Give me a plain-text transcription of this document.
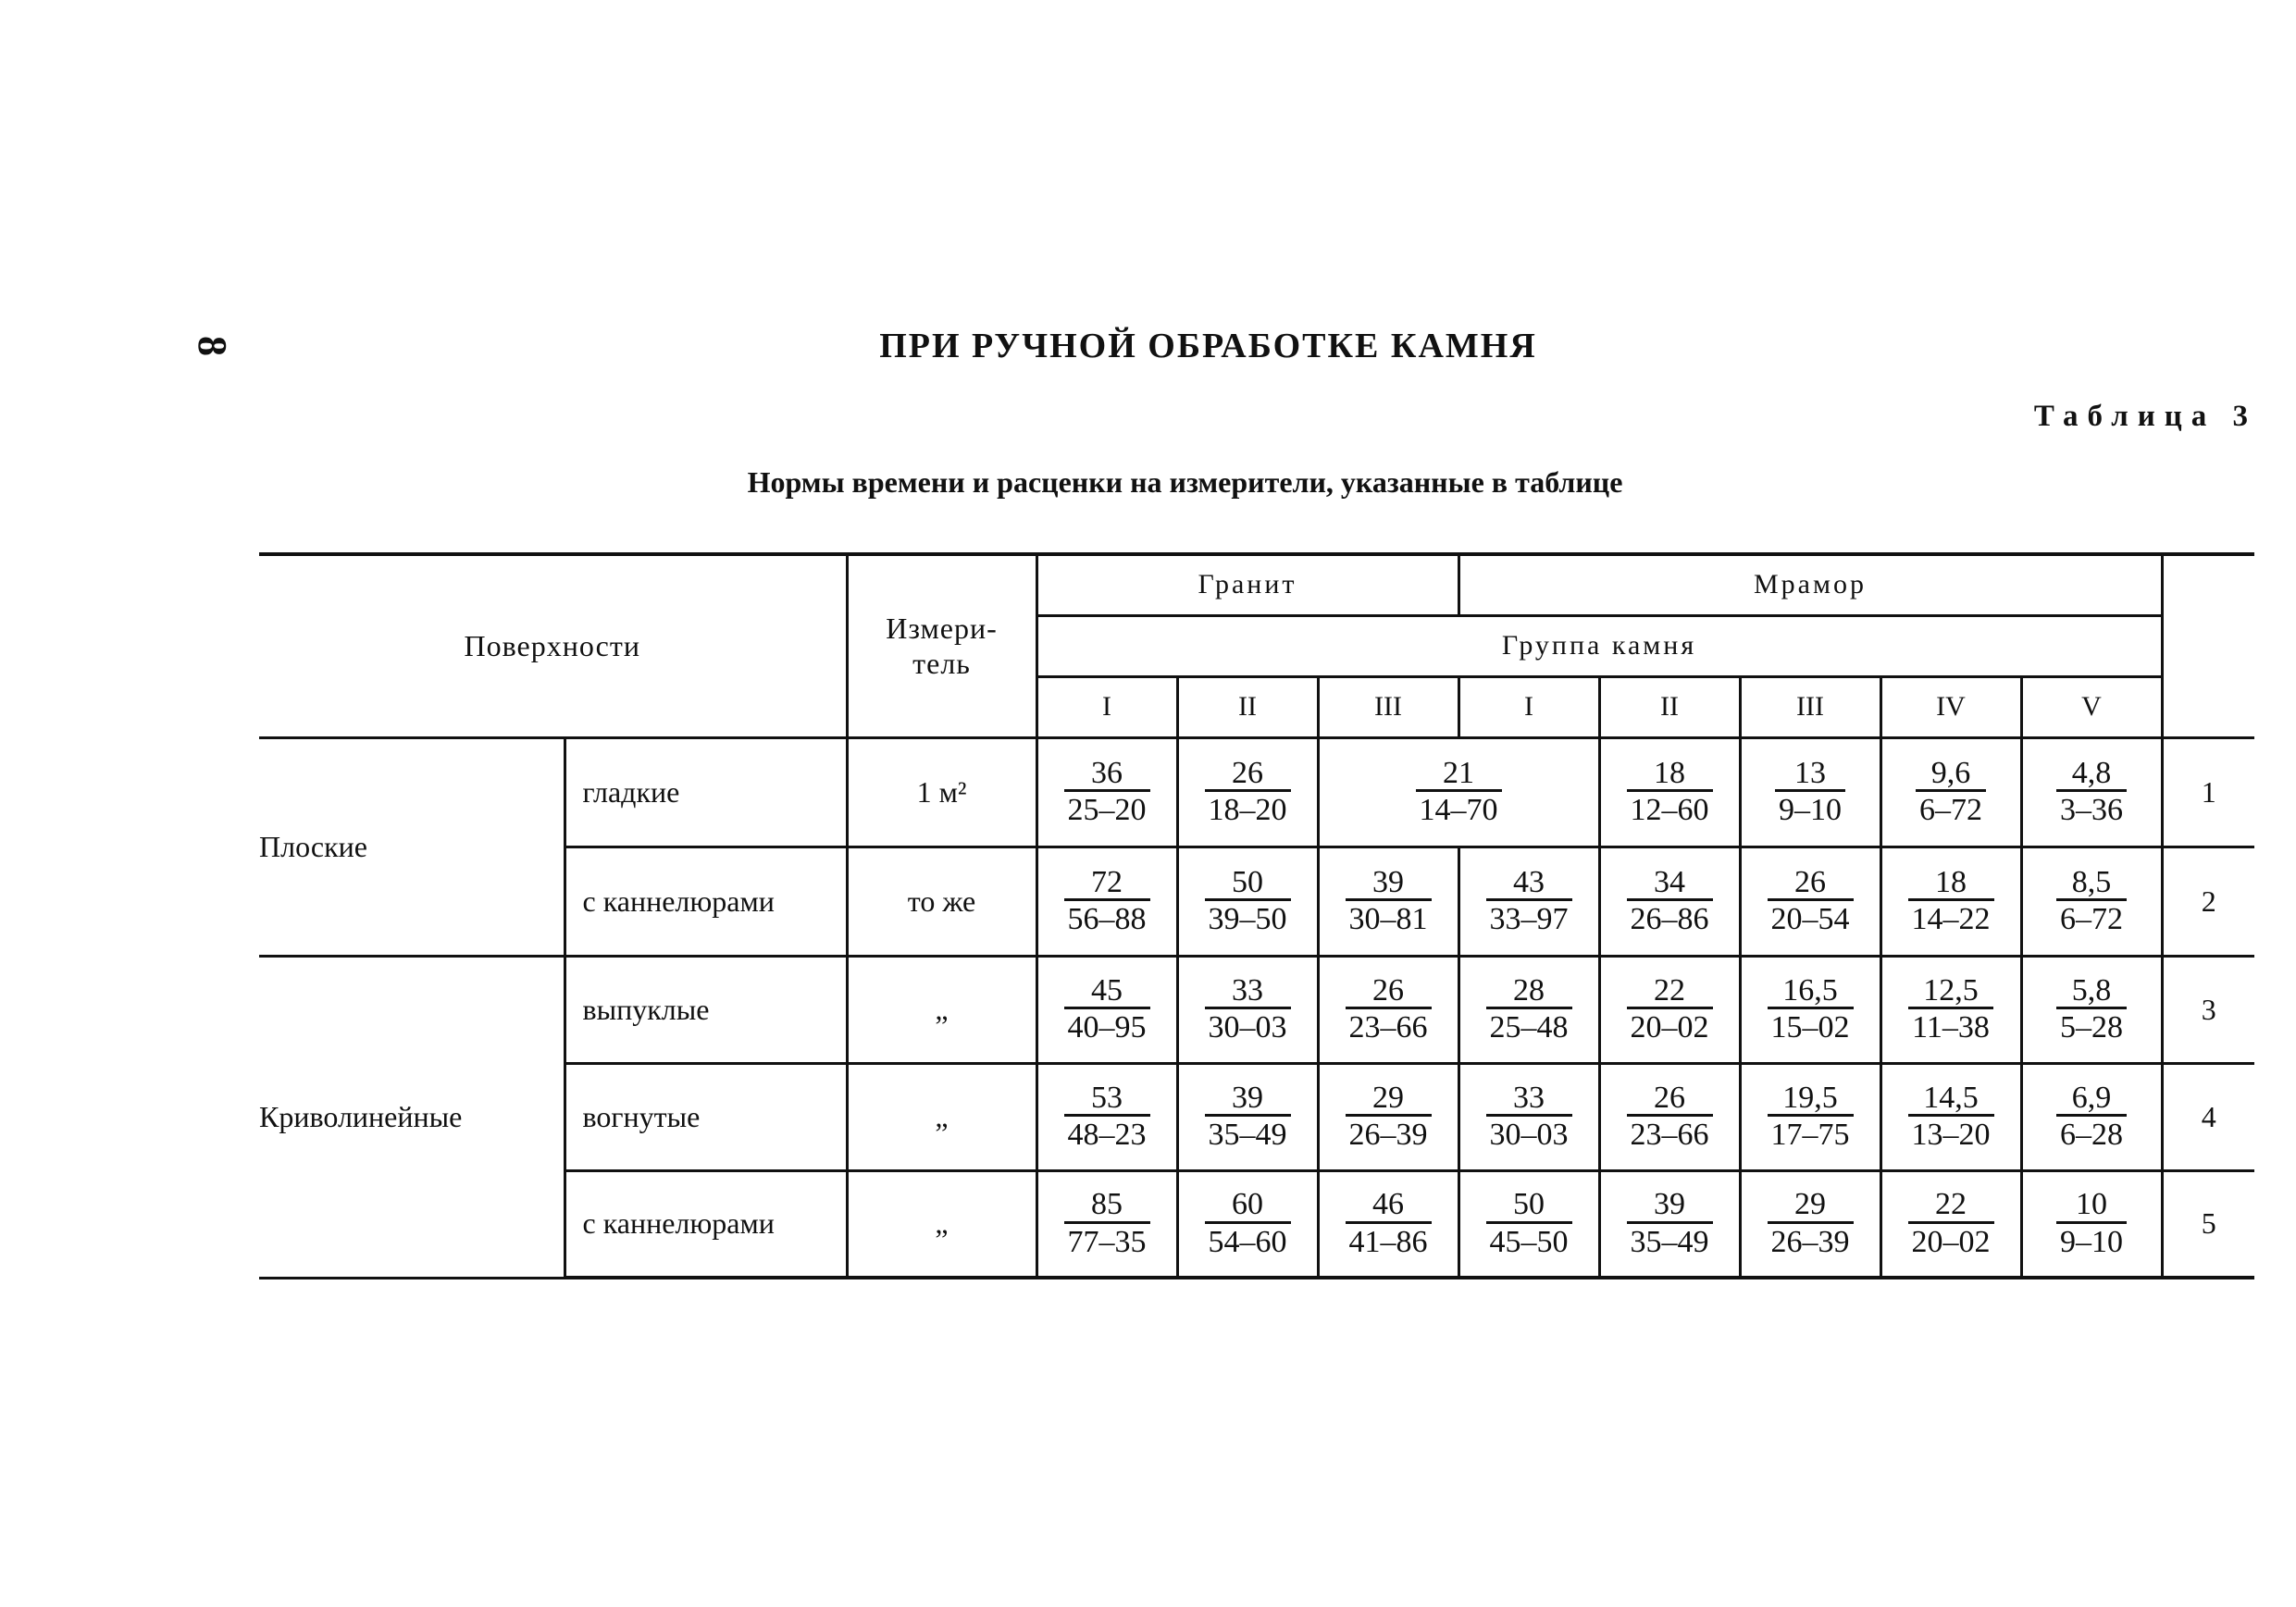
8	ПРИ РУЧНОЙ ОБРАБОТКЕ КАМНЯ
Таблица 3
Нормы времени и расценки на измерители, указанные в таблице
Поверхности		Измери-
тель	Гранит			Мрамор					
			Группа камня								
			I	II	III	I	II	III	IV	V	
Плоские	гладкие	1 м²	$\frac{36}{25-20}$	$\frac{26}{18-20}$	$\frac{21}{14-70}$		$\frac{18}{12-60}$	$\frac{13}{9-10}$	$\frac{9,6}{6-72}$	$\frac{4,8}{3-36}$	1
	с каннелюрами	то же	$\frac{72}{56-88}$	$\frac{50}{39-50}$	$\frac{39}{30-81}$	$\frac{43}{33-97}$	$\frac{34}{26-86}$	$\frac{26}{20-54}$	$\frac{18}{14-22}$	$\frac{8,5}{6-72}$	2
Криволинейные	выпуклые	„	$\frac{45}{40-95}$	$\frac{33}{30-03}$	$\frac{26}{23-66}$	$\frac{28}{25-48}$	$\frac{22}{20-02}$	$\frac{16,5}{15-02}$	$\frac{12,5}{11-38}$	$\frac{5,8}{5-28}$	3
	вогнутые	„	$\frac{53}{48-23}$	$\frac{39}{35-49}$	$\frac{29}{26-39}$	$\frac{33}{30-03}$	$\frac{26}{23-66}$	$\frac{19,5}{17-75}$	$\frac{14,5}{13-20}$	$\frac{6,9}{6-28}$	4
	с каннелюрами	„	$\frac{85}{77-35}$	$\frac{60}{54-60}$	$\frac{46}{41-86}$	$\frac{50}{45-50}$	$\frac{39}{35-49}$	$\frac{29}{26-39}$	$\frac{22}{20-02}$	$\frac{10}{9-10}$	5
